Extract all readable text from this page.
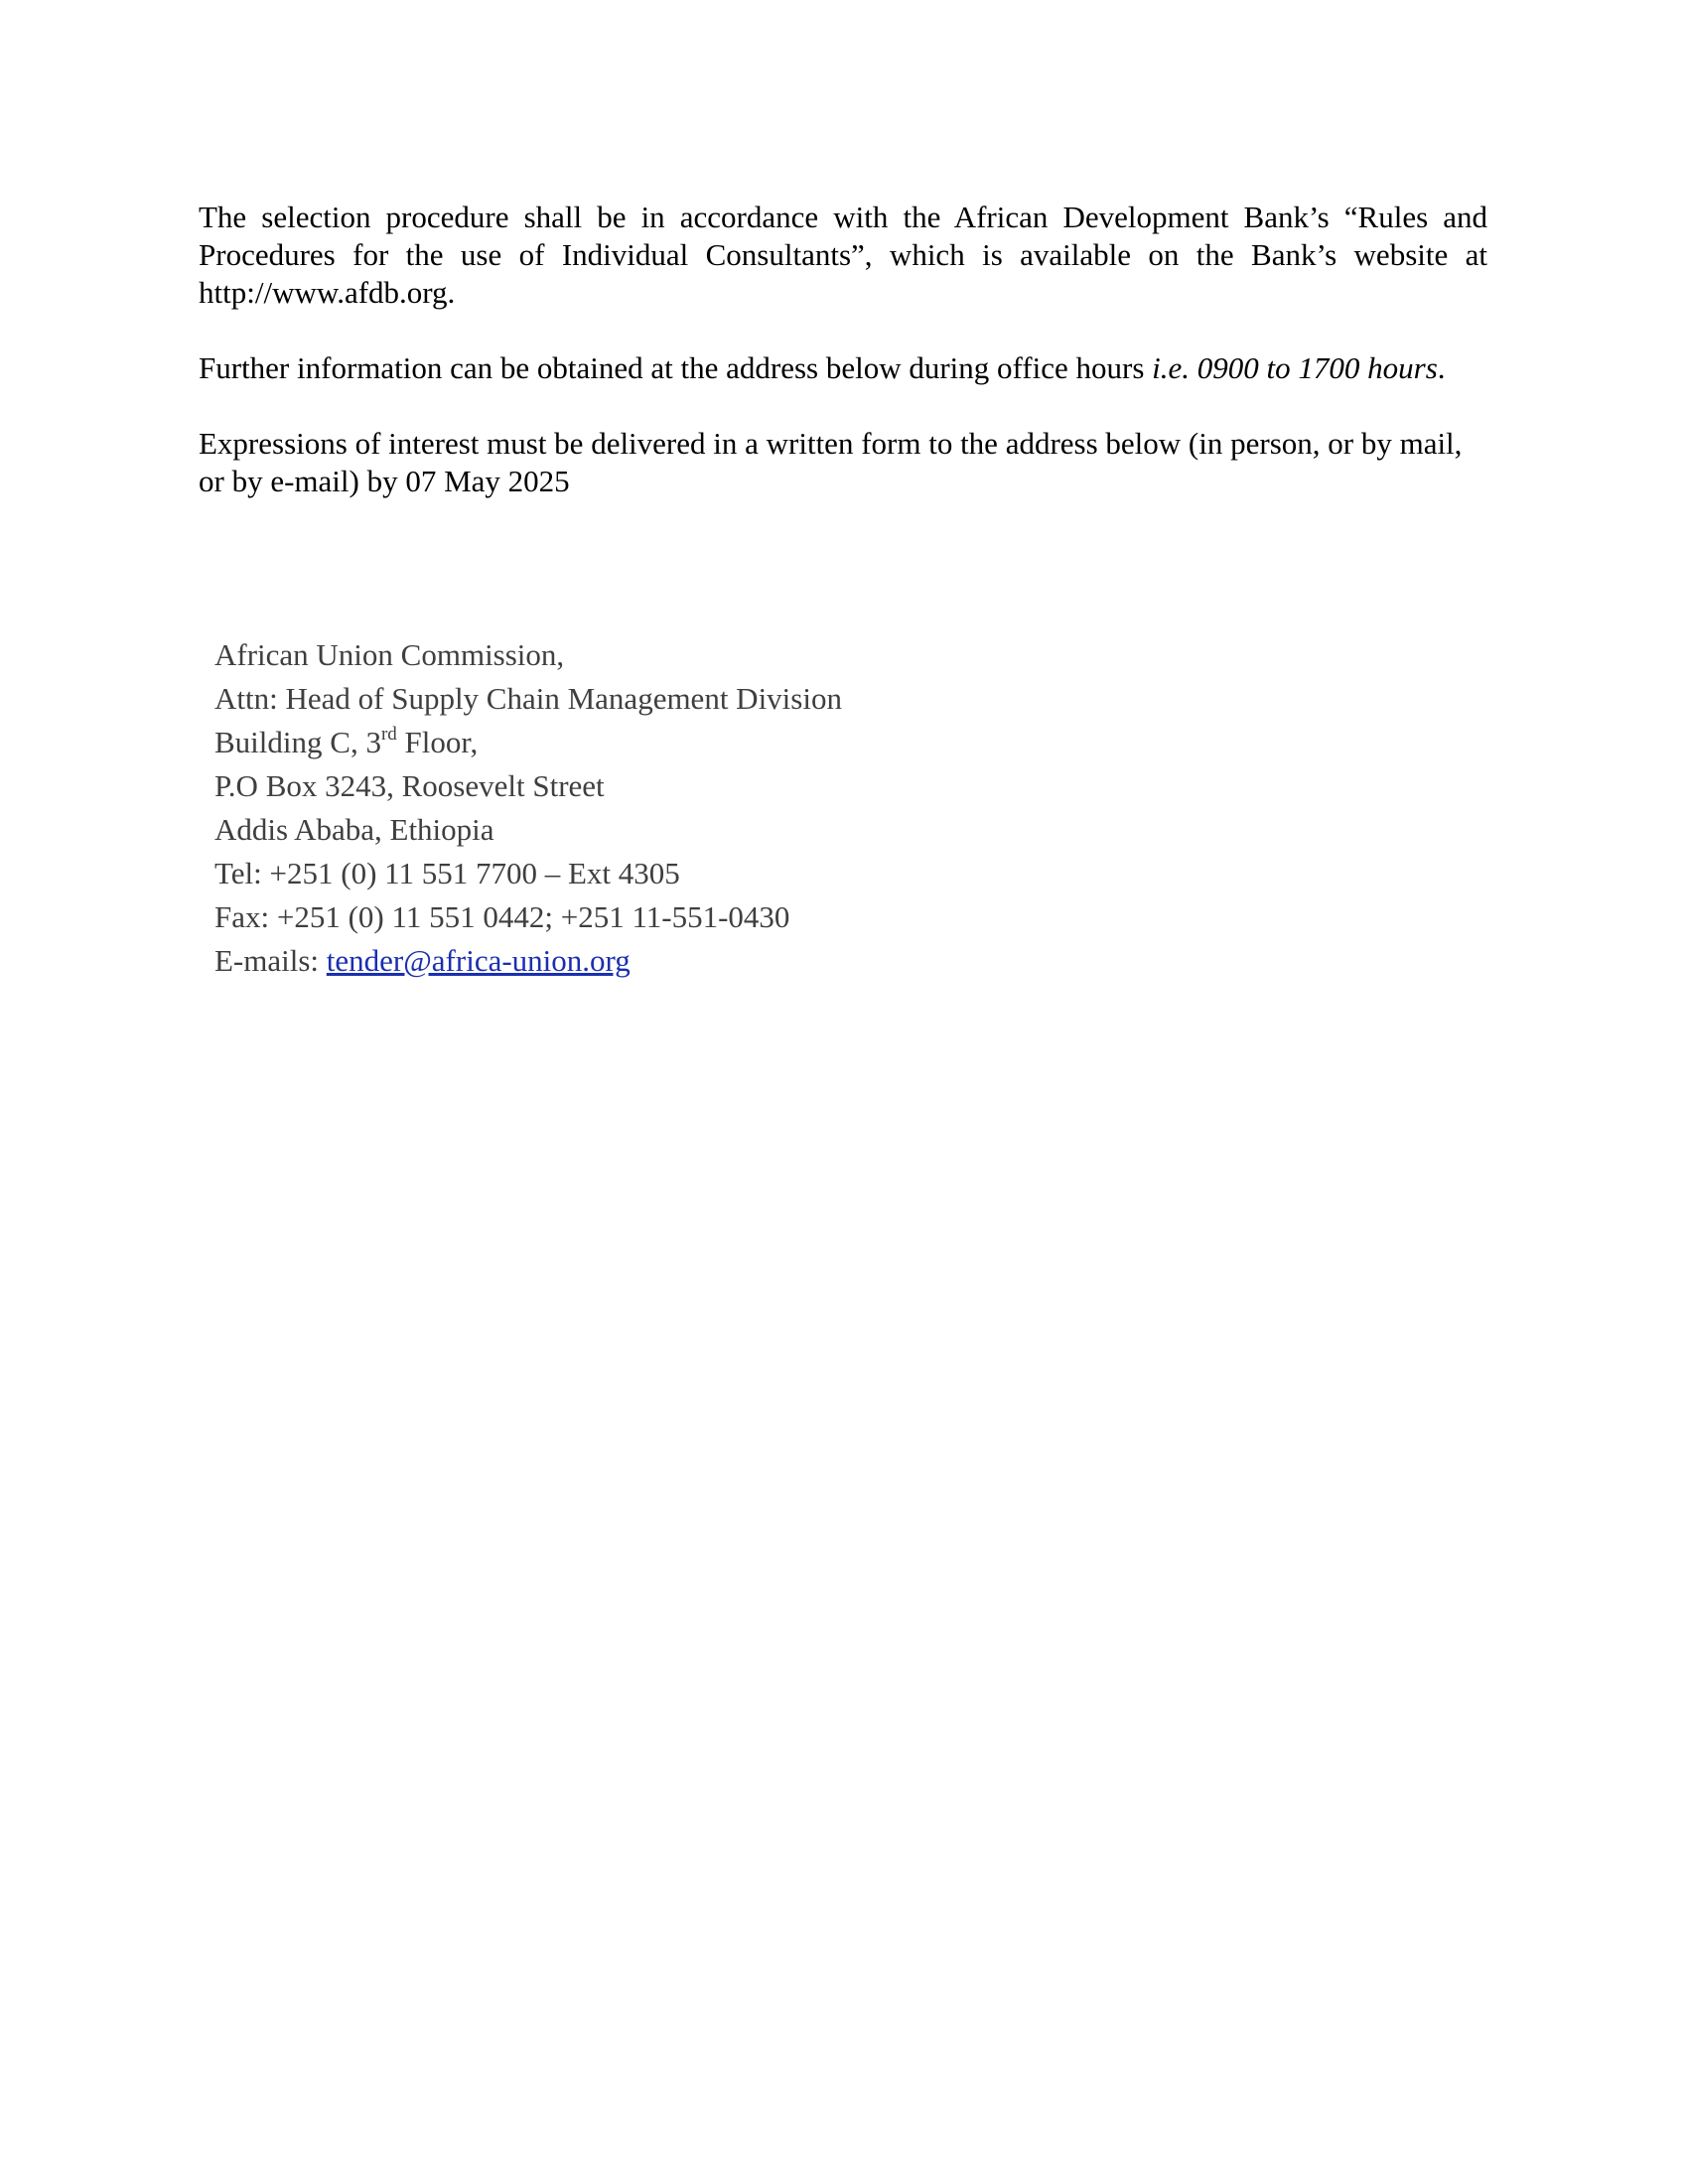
The selection procedure shall be in accordance with the African Development Bank’s “Rules and Procedures for the use of Individual Consultants”, which is available on the Bank’s website at http://www.afdb.org.

Further information can be obtained at the address below during office hours i.e. 0900 to 1700 hours.

Expressions of interest must be delivered in a written form to the address below (in person, or by mail, or by e-mail) by 07 May 2025

African Union Commission,
Attn: Head of Supply Chain Management Division
Building C, 3rd Floor,
P.O Box 3243, Roosevelt Street
Addis Ababa, Ethiopia
Tel: +251 (0) 11 551 7700 – Ext 4305
Fax: +251 (0) 11 551 0442; +251 11-551-0430
E-mails: tender@africa-union.org
